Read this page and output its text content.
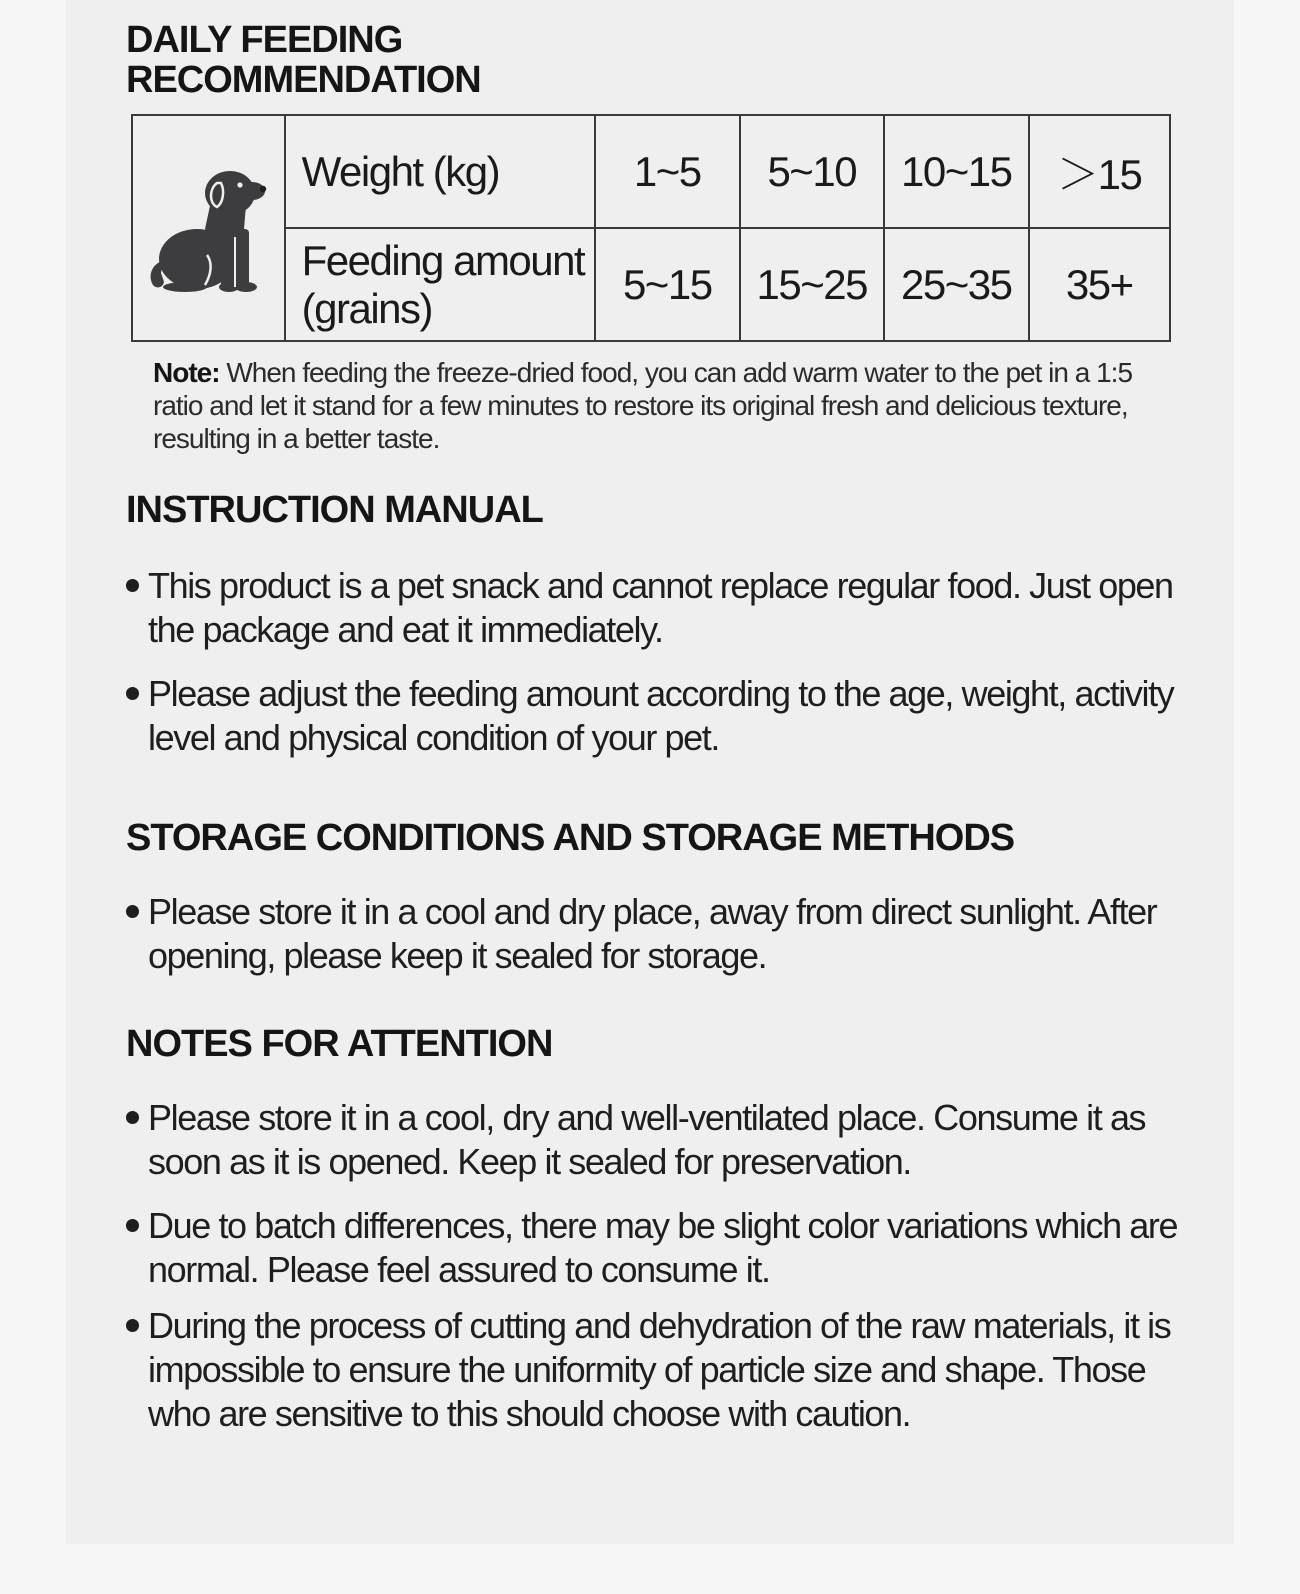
DAILY FEEDING
RECOMMENDATION
	Weight (kg)	1~5	5~10	10~15	＞15

	Feeding amount
(grains)	5~15	15~25	25~35	35+

Note: When feeding the freeze-dried food, you can add warm water to the pet in a 1:5 ratio and let it stand for a few minutes to restore its original fresh and delicious texture, resulting in a better taste.

INSTRUCTION MANUAL
This product is a pet snack and cannot replace regular food. Just open the package and eat it immediately.
Please adjust the feeding amount according to the age, weight, activity level and physical condition of your pet.
STORAGE CONDITIONS AND STORAGE METHODS
Please store it in a cool and dry place, away from direct sunlight. After opening, please keep it sealed for storage.
NOTES FOR ATTENTION
Please store it in a cool, dry and well-ventilated place. Consume it as soon as it is opened. Keep it sealed for preservation.
Due to batch differences, there may be slight color variations which are normal. Please feel assured to consume it.
During the process of cutting and dehydration of the raw materials, it is impossible to ensure the uniformity of particle size and shape. Those who are sensitive to this should choose with caution.
